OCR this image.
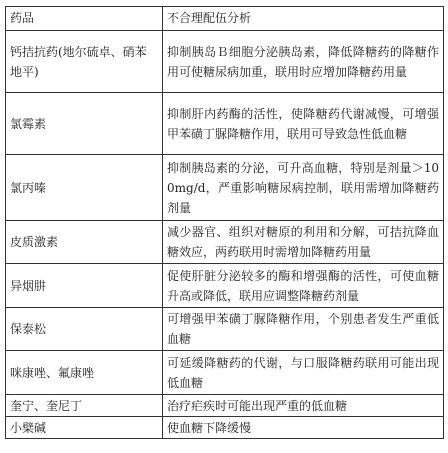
药品	不合理配伍分析
钙拮抗药(地尔硫卓、硝苯地平)	抑制胰岛Ｂ细胞分泌胰岛素，降低降糖药的降糖作用可使糖尿病加重，联用时应增加降糖药用量
氯霉素	抑制肝内药酶的活性，使降糖药代谢减慢，可增强甲苯磺丁脲降糖作用，联用可导致急性低血糖
氯丙嗪	抑制胰岛素的分泌，可升高血糖，特别是剂量＞100mg/d，严重影响糖尿病控制，联用需增加降糖药剂量
皮质激素	减少器官、组织对糖原的利用和分解，可拮抗降血糖效应，两药联用时需增加降糖药用量
异烟肼	促使肝脏分泌较多的酶和增强酶的活性，可使血糖升高或降低，联用应调整降糖药剂量
保泰松	可增强甲苯磺丁脲降糖作用，个别患者发生严重低血糖
咪康唑、氟康唑	可延缓降糖药的代谢，与口服降糖药联用可能出现低血糖
奎宁、奎尼丁	治疗疟疾时可能出现严重的低血糖
小檗碱	使血糖下降缓慢
